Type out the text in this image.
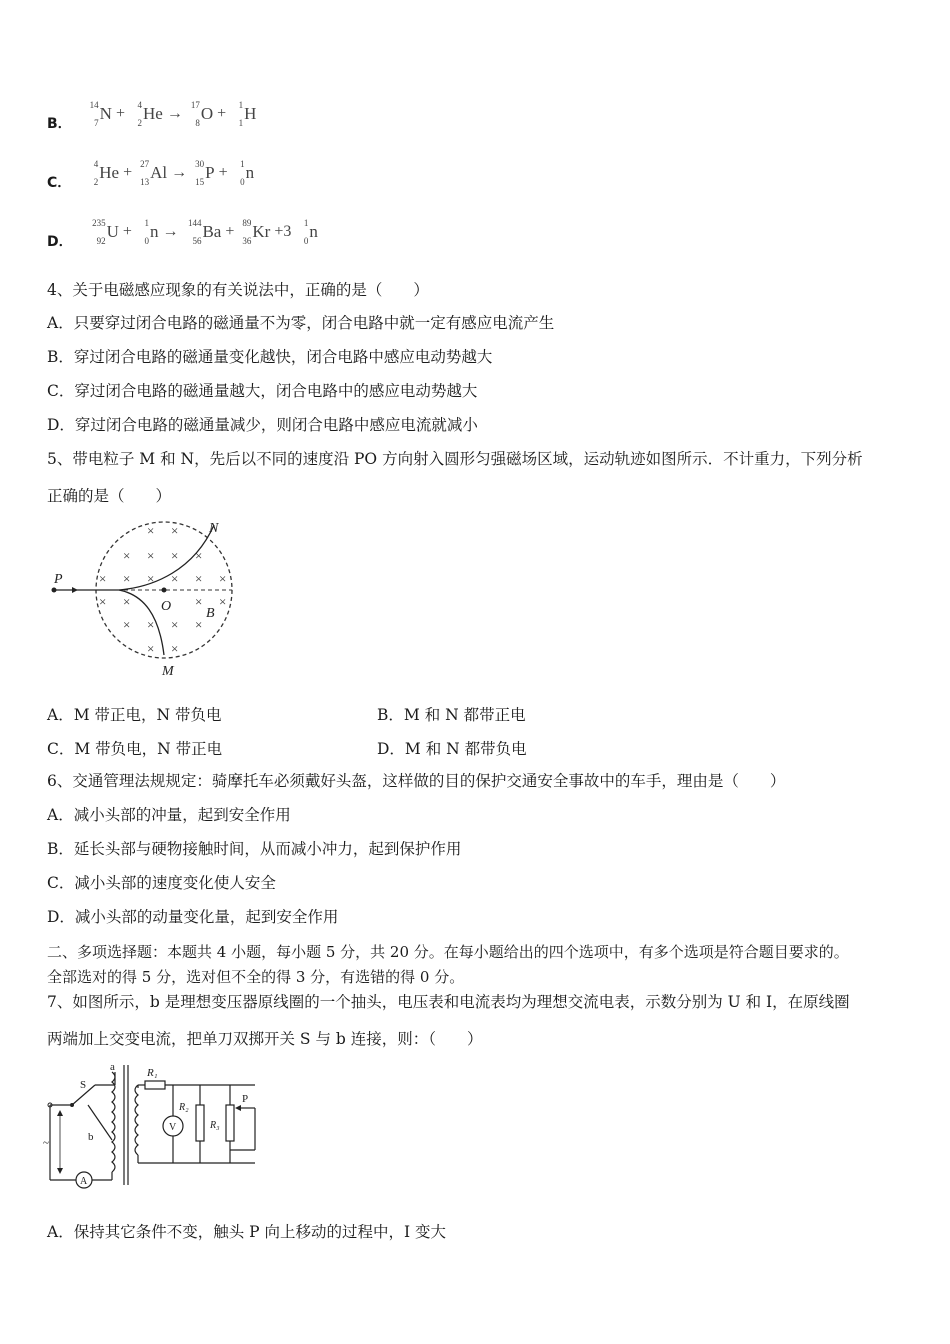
B．
14
7 N + 4
2 He → 17
8 O + 1
1 H
C．
4
2 He + 27
13 Al → 30
15 P + 1
0 n
D．
235
92 U + 1
0 n → 144
56 Ba + 89
36 Kr +3 1
0 n
4、关于电磁感应现象的有关说法中，正确的是（　　）
A．只要穿过闭合电路的磁通量不为零，闭合电路中就一定有感应电流产生
B．穿过闭合电路的磁通量变化越快，闭合电路中感应电动势越大
C．穿过闭合电路的磁通量越大，闭合电路中的感应电动势越大
D．穿过闭合电路的磁通量减少，则闭合电路中感应电流就减小
5、带电粒子 M 和 N，先后以不同的速度沿 PO 方向射入圆形匀强磁场区域，运动轨迹如图所示．不计重力，下列分析
正确的是（　　）
× ×
× × × ×
× × × × × ×
× ×	× ×
× × × ×
× ×
P
N
O B
M
A．M 带正电，N 带负电	B．M 和 N 都带正电
C．M 带负电，N 带正电	D．M 和 N 都带负电
6、交通管理法规规定：骑摩托车必须戴好头盔，这样做的目的保护交通安全事故中的车手，理由是（　　）
A．减小头部的冲量，起到安全作用
B．延长头部与硬物接触时间，从而减小冲力，起到保护作用
C．减小头部的速度变化使人安全
D．减小头部的动量变化量，起到安全作用
二、多项选择题：本题共 4 小题，每小题 5 分，共 20 分。在每小题给出的四个选项中，有多个选项是符合题目要求的。
全部选对的得 5 分，选对但不全的得 3 分，有选错的得 0 分。
7、如图所示，b 是理想变压器原线圈的一个抽头，电压表和电流表均为理想交流电表，示数分别为 U 和 I，在原线圈
两端加上交变电流，把单刀双掷开关 S 与 b 连接，则：（　　）
a
S
b
~
A
R₁
V
R₂
R₃
P
A．保持其它条件不变，触头 P 向上移动的过程中，I 变大
